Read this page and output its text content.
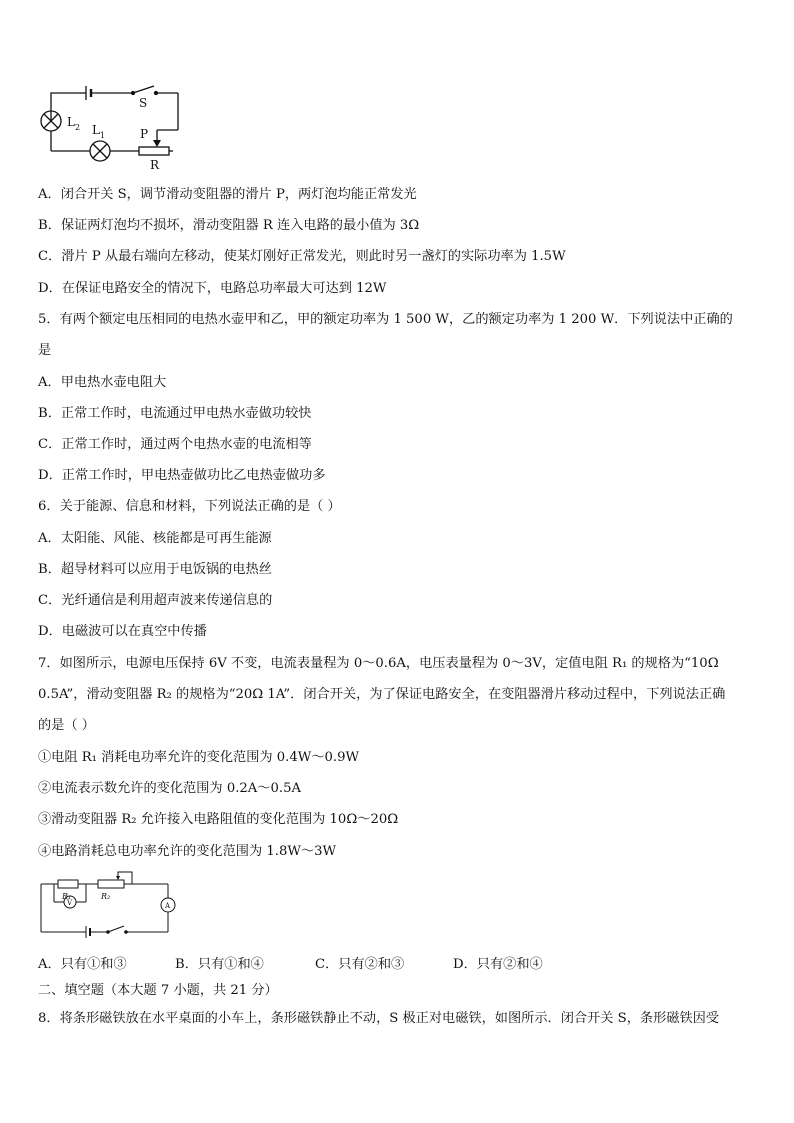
S
L 2 L 1	P
R
A．闭合开关 S，调节滑动变阻器的滑片 P，两灯泡均能正常发光
B．保证两灯泡均不损坏，滑动变阻器 R 连入电路的最小值为 3Ω
C．滑片 P 从最右端向左移动，使某灯刚好正常发光，则此时另一盏灯的实际功率为 1.5W
D．在保证电路安全的情况下，电路总功率最大可达到 12W
5．有两个额定电压相同的电热水壶甲和乙，甲的额定功率为 1 500 W，乙的额定功率为 1 200 W．下列说法中正确的
是
A．甲电热水壶电阻大
B．正常工作时，电流通过甲电热水壶做功较快
C．正常工作时，通过两个电热水壶的电流相等
D．正常工作时，甲电热壶做功比乙电热壶做功多
6．关于能源、信息和材料，下列说法正确的是（ ）
A．太阳能、风能、核能都是可再生能源
B．超导材料可以应用于电饭锅的电热丝
C．光纤通信是利用超声波来传递信息的
D．电磁波可以在真空中传播
7．如图所示，电源电压保持 6V 不变，电流表量程为 0～0.6A，电压表量程为 0～3V，定值电阻 R₁ 的规格为“10Ω
0.5A”，滑动变阻器 R₂ 的规格为“20Ω 1A”．闭合开关，为了保证电路安全，在变阻器滑片移动过程中，下列说法正确
的是（ ）
①电阻 R₁ 消耗电功率允许的变化范围为 0.4W～0.9W
②电流表示数允许的变化范围为 0.2A～0.5A
③滑动变阻器 R₂ 允许接入电路阻值的变化范围为 10Ω～20Ω
④电路消耗总电功率允许的变化范围为 1.8W～3W
R₁	R₂
V	A
A．只有①和③	B．只有①和④	C．只有②和③	D．只有②和④
二、填空题（本大题 7 小题，共 21 分）
8．将条形磁铁放在水平桌面的小车上，条形磁铁静止不动，S 极正对电磁铁，如图所示．闭合开关 S，条形磁铁因受
